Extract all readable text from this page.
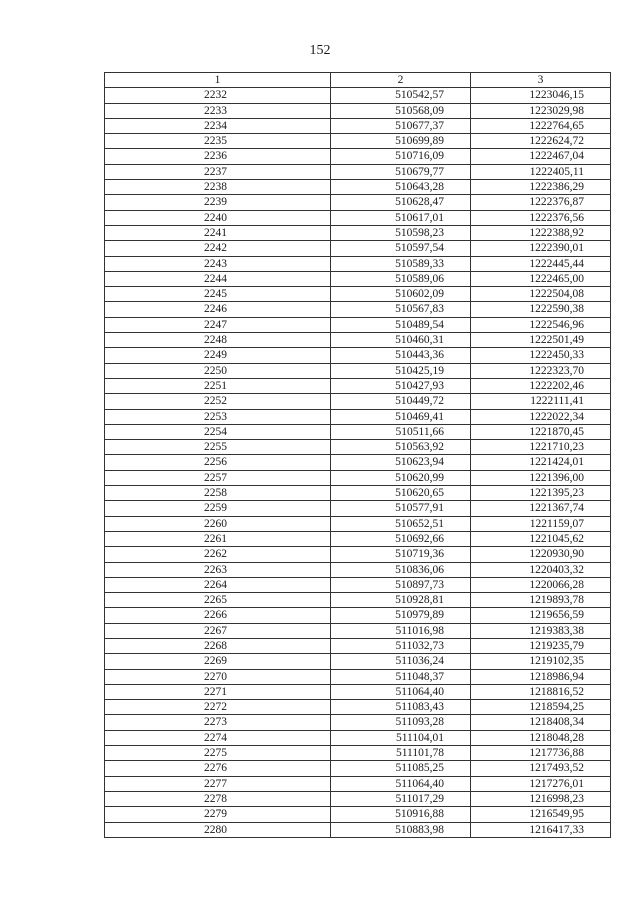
152
1	2	3
2232	510542,57	1223046,15
2233	510568,09	1223029,98
2234	510677,37	1222764,65
2235	510699,89	1222624,72
2236	510716,09	1222467,04
2237	510679,77	1222405,11
2238	510643,28	1222386,29
2239	510628,47	1222376,87
2240	510617,01	1222376,56
2241	510598,23	1222388,92
2242	510597,54	1222390,01
2243	510589,33	1222445,44
2244	510589,06	1222465,00
2245	510602,09	1222504,08
2246	510567,83	1222590,38
2247	510489,54	1222546,96
2248	510460,31	1222501,49
2249	510443,36	1222450,33
2250	510425,19	1222323,70
2251	510427,93	1222202,46
2252	510449,72	1222111,41
2253	510469,41	1222022,34
2254	510511,66	1221870,45
2255	510563,92	1221710,23
2256	510623,94	1221424,01
2257	510620,99	1221396,00
2258	510620,65	1221395,23
2259	510577,91	1221367,74
2260	510652,51	1221159,07
2261	510692,66	1221045,62
2262	510719,36	1220930,90
2263	510836,06	1220403,32
2264	510897,73	1220066,28
2265	510928,81	1219893,78
2266	510979,89	1219656,59
2267	511016,98	1219383,38
2268	511032,73	1219235,79
2269	511036,24	1219102,35
2270	511048,37	1218986,94
2271	511064,40	1218816,52
2272	511083,43	1218594,25
2273	511093,28	1218408,34
2274	511104,01	1218048,28
2275	511101,78	1217736,88
2276	511085,25	1217493,52
2277	511064,40	1217276,01
2278	511017,29	1216998,23
2279	510916,88	1216549,95
2280	510883,98	1216417,33
